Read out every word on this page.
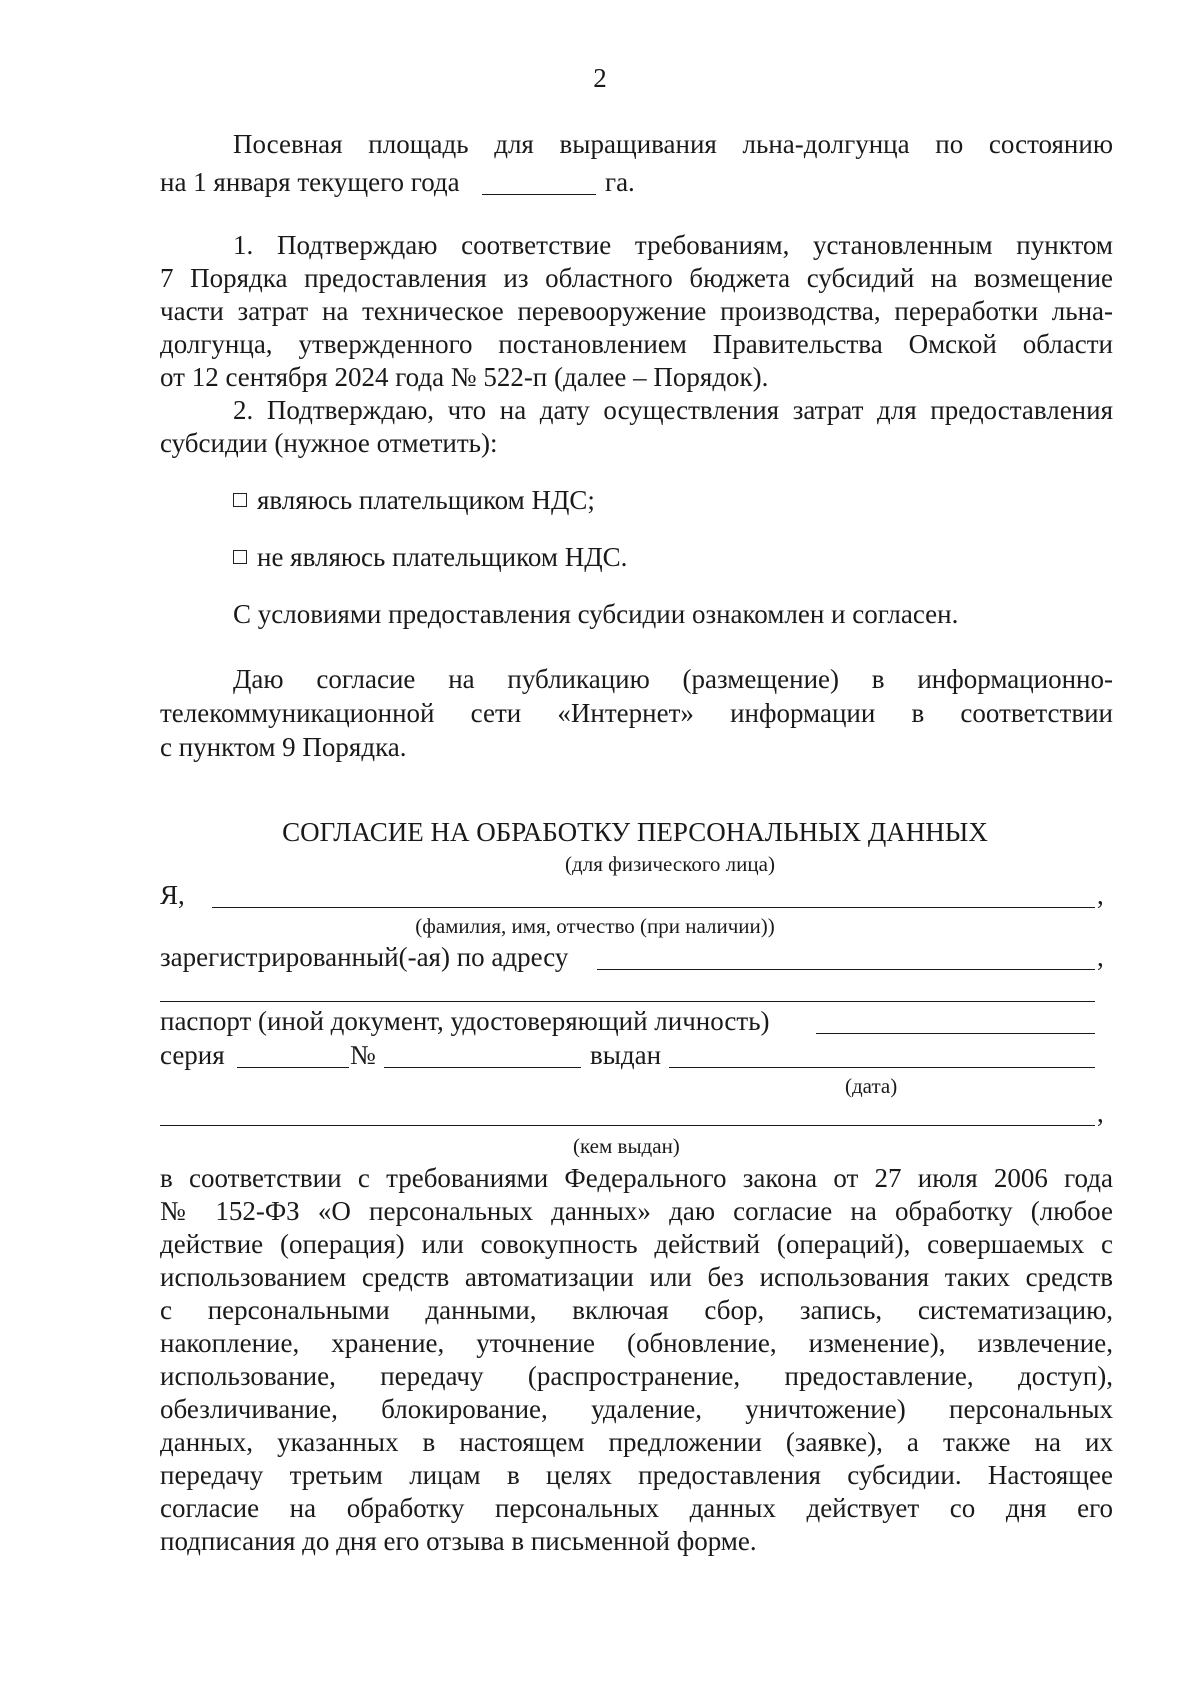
2
Посевная площадь для выращивания льна-долгунца по состоянию
на 1 января текущего года	га.
1. Подтверждаю соответствие требованиям, установленным пунктом
7 Порядка предоставления из областного бюджета субсидий на возмещение
части затрат на техническое перевооружение производства, переработки льна-
долгунца, утвержденного постановлением Правительства Омской области
от 12 сентября 2024 года № 522-п (далее – Порядок).
2. Подтверждаю, что на дату осуществления затрат для предоставления
субсидии (нужное отметить):
являюсь плательщиком НДС;
не являюсь плательщиком НДС.
С условиями предоставления субсидии ознакомлен и согласен.
Даю согласие на публикацию (размещение) в информационно-
телекоммуникационной сети «Интернет» информации в соответствии
с пунктом 9 Порядка.
СОГЛАСИЕ НА ОБРАБОТКУ ПЕРСОНАЛЬНЫХ ДАННЫХ
(для физического лица)
Я,	,
(фамилия, имя, отчество (при наличии))
зарегистрированный(-ая) по адресу	,
паспорт (иной документ, удостоверяющий личность)
серия	№	выдан
(дата)
,
(кем выдан)
в соответствии с требованиями Федерального закона от 27 июля 2006 года
№ 152-ФЗ «О персональных данных» даю согласие на обработку (любое
действие (операция) или совокупность действий (операций), совершаемых с
использованием средств автоматизации или без использования таких средств
с персональными данными, включая сбор, запись, систематизацию,
накопление, хранение, уточнение (обновление, изменение), извлечение,
использование, передачу (распространение, предоставление, доступ),
обезличивание, блокирование, удаление, уничтожение) персональных
данных, указанных в настоящем предложении (заявке), а также на их
передачу третьим лицам в целях предоставления субсидии. Настоящее
согласие на обработку персональных данных действует со дня его
подписания до дня его отзыва в письменной форме.
